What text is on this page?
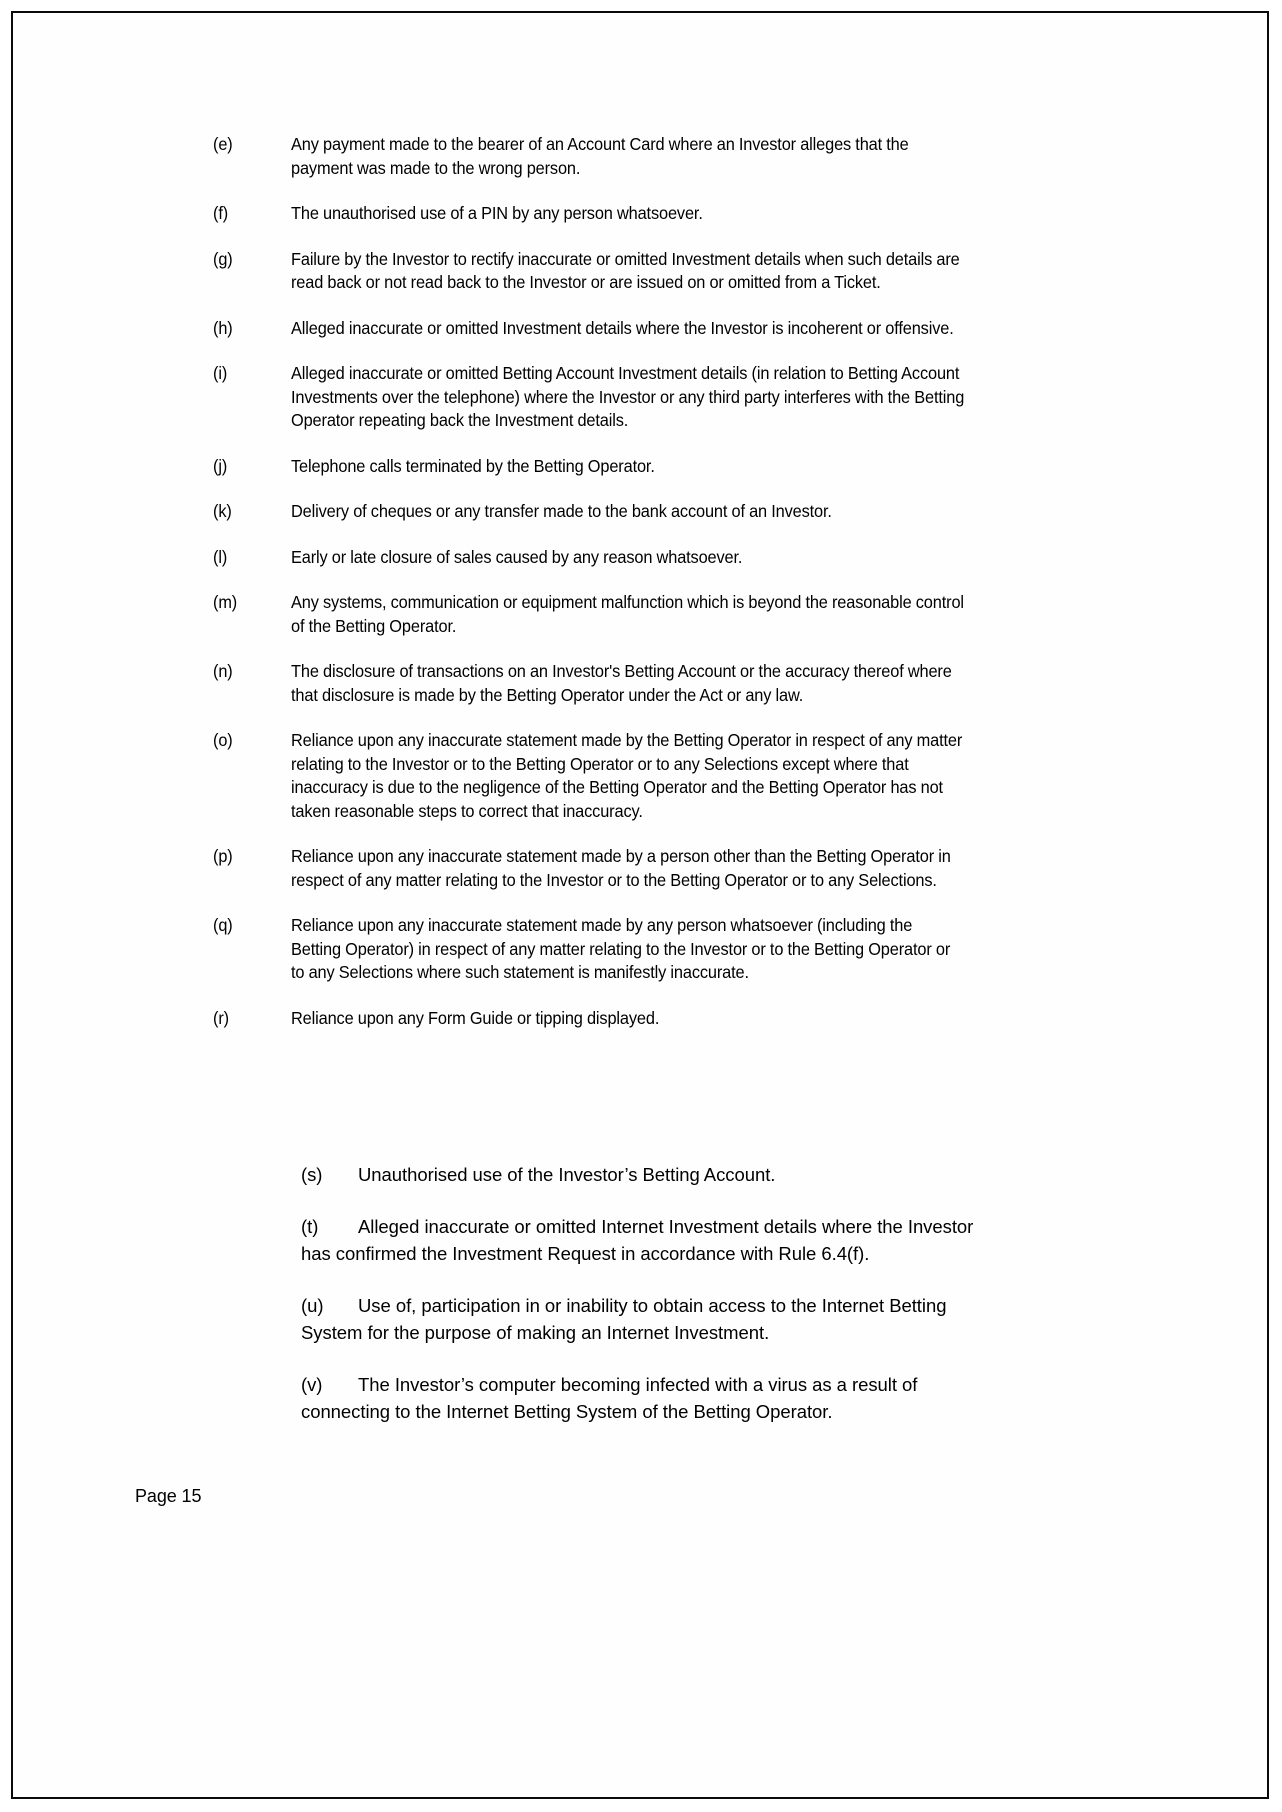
(e)	Any payment made to the bearer of an Account Card where an Investor alleges that the payment was made to the wrong person.
(f)	The unauthorised use of a PIN by any person whatsoever.
(g)	Failure by the Investor to rectify inaccurate or omitted Investment details when such details are read back or not read back to the Investor or are issued on or omitted from a Ticket.
(h)	Alleged inaccurate or omitted Investment details where the Investor is incoherent or offensive.
(i)	Alleged inaccurate or omitted Betting Account Investment details (in relation to Betting Account Investments over the telephone) where the Investor or any third party interferes with the Betting Operator repeating back the Investment details.
(j)	Telephone calls terminated by the Betting Operator.
(k)	Delivery of cheques or any transfer made to the bank account of an Investor.
(l)	Early or late closure of sales caused by any reason whatsoever.
(m)	Any systems, communication or equipment malfunction which is beyond the reasonable control of the Betting Operator.
(n)	The disclosure of transactions on an Investor's Betting Account or the accuracy thereof where that disclosure is made by the Betting Operator under the Act or any law.
(o)	Reliance upon any inaccurate statement made by the Betting Operator in respect of any matter relating to the Investor or to the Betting Operator or to any Selections except where that inaccuracy is due to the negligence of the Betting Operator and the Betting Operator has not taken reasonable steps to correct that inaccuracy.
(p)	Reliance upon any inaccurate statement made by a person other than the Betting Operator in respect of any matter relating to the Investor or to the Betting Operator or to any Selections.
(q)	Reliance upon any inaccurate statement made by any person whatsoever (including the Betting Operator) in respect of any matter relating to the Investor or to the Betting Operator or to any Selections where such statement is manifestly inaccurate.
(r)	Reliance upon any Form Guide or tipping displayed.
(s) Unauthorised use of the Investor’s Betting Account.
(t) Alleged inaccurate or omitted Internet Investment details where the Investor has confirmed the Investment Request in accordance with Rule 6.4(f).
(u) Use of, participation in or inability to obtain access to the Internet Betting System for the purpose of making an Internet Investment.
(v) The Investor’s computer becoming infected with a virus as a result of connecting to the Internet Betting System of the Betting Operator.
Page 15
